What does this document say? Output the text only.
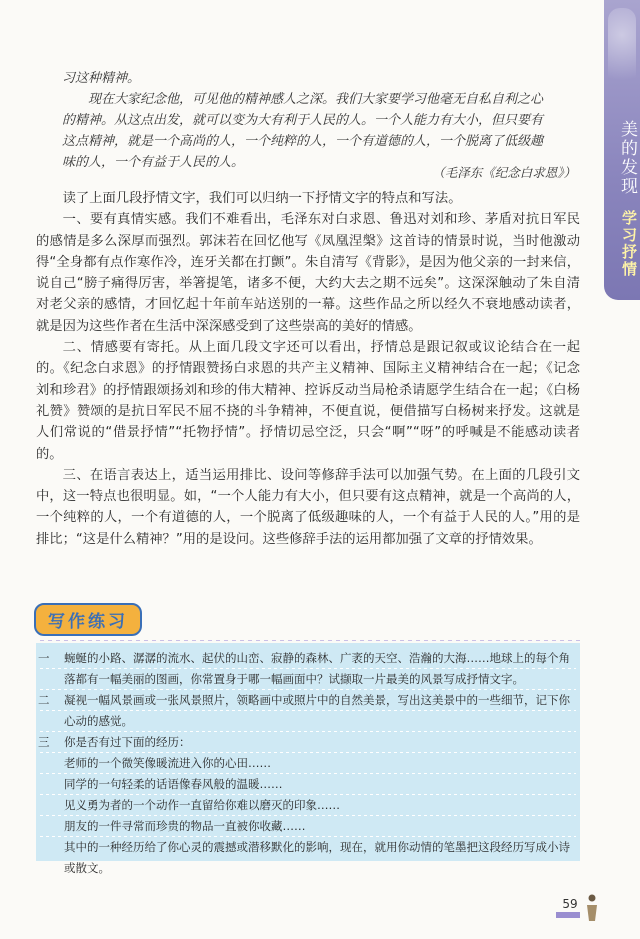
美的发现
学习抒情

习这种精神。

现在大家纪念他，可见他的精神感人之深。我们大家要学习他毫无自私自利之心

的精神。从这点出发，就可以变为大有利于人民的人。一个人能力有大小，但只要有

这点精神，就是一个高尚的人，一个纯粹的人，一个有道德的人，一个脱离了低级趣

味的人，一个有益于人民的人。

（毛泽东《纪念白求恩》）

读了上面几段抒情文字，我们可以归纳一下抒情文字的特点和写法。

一、要有真情实感。我们不难看出，毛泽东对白求恩、鲁迅对刘和珍、茅盾对抗日军民的感情是多么深厚而强烈。郭沫若在回忆他写《凤凰涅槃》这首诗的情景时说，当时他激动得“全身都有点作寒作冷，连牙关都在打颤”。朱自清写《背影》，是因为他父亲的一封来信，说自己“膀子痛得厉害，举箸提笔，诸多不便，大约大去之期不远矣”。这深深触动了朱自清对老父亲的感情，才回忆起十年前车站送别的一幕。这些作品之所以经久不衰地感动读者，就是因为这些作者在生活中深深感受到了这些崇高的美好的情感。

二、情感要有寄托。从上面几段文字还可以看出，抒情总是跟记叙或议论结合在一起的。《纪念白求恩》的抒情跟赞扬白求恩的共产主义精神、国际主义精神结合在一起；《记念刘和珍君》的抒情跟颂扬刘和珍的伟大精神、控诉反动当局枪杀请愿学生结合在一起；《白杨礼赞》赞颂的是抗日军民不屈不挠的斗争精神，不便直说，便借描写白杨树来抒发。这就是人们常说的“借景抒情”“托物抒情”。抒情切忌空泛，只会“啊”“呀”的呼喊是不能感动读者的。

三、在语言表达上，适当运用排比、设问等修辞手法可以加强气势。在上面的几段引文中，这一特点也很明显。如，“一个人能力有大小，但只要有这点精神，就是一个高尚的人，一个纯粹的人，一个有道德的人，一个脱离了低级趣味的人，一个有益于人民的人。”用的是排比；“这是什么精神？”用的是设问。这些修辞手法的运用都加强了文章的抒情效果。

写作练习
一 蜿蜒的小路、潺潺的流水、起伏的山峦、寂静的森林、广袤的天空、浩瀚的大海……地球上的每个角落都有一幅美丽的图画，你常置身于哪一幅画面中？试撷取一片最美的风景写成抒情文字。
二 凝视一幅风景画或一张风景照片，领略画中或照片中的自然美景，写出这美景中的一些细节，记下你心动的感觉。
三 你是否有过下面的经历：
老师的一个微笑像暖流进入你的心田……
同学的一句轻柔的话语像春风般的温暖……
见义勇为者的一个动作一直留给你难以磨灭的印象……
朋友的一件寻常而珍贵的物品一直被你收藏……
其中的一种经历给了你心灵的震撼或潜移默化的影响，现在，就用你动情的笔墨把这段经历写成小诗或散文。
59
